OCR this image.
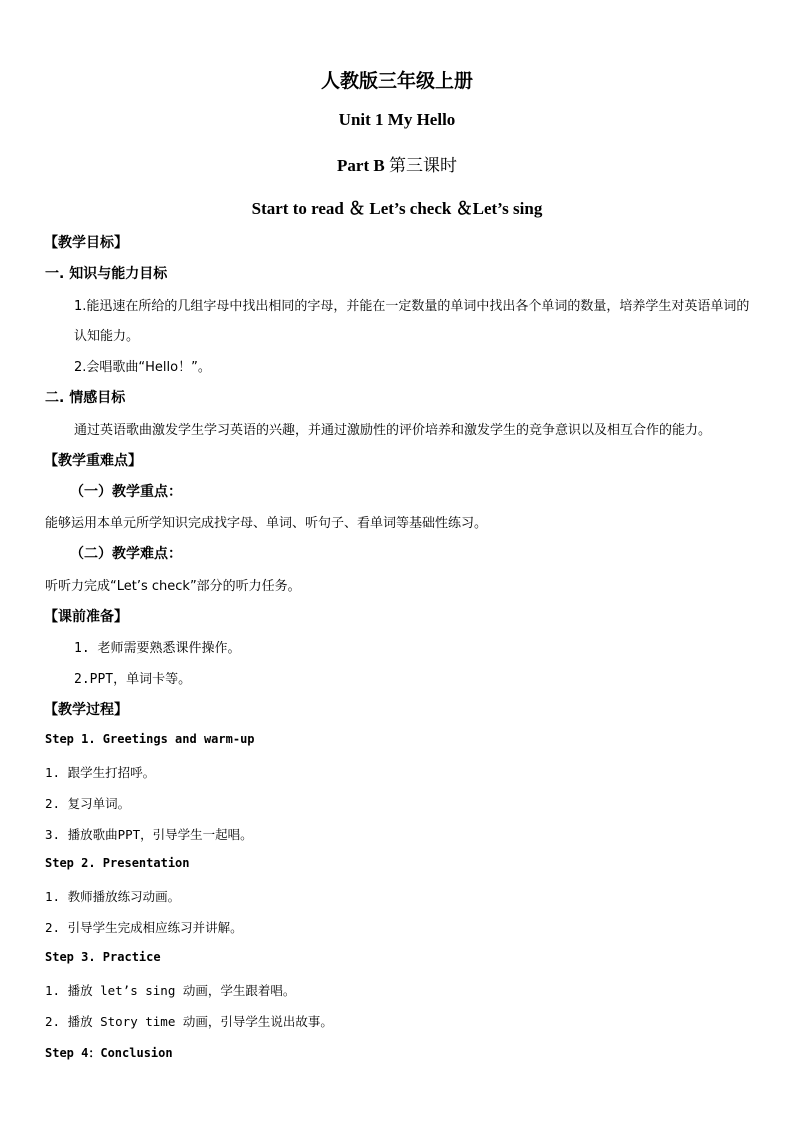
人教版三年级上册
Unit 1 My Hello
Part B 第三课时
Start to read ＆ Let’s check ＆Let’s sing
【教学目标】
一. 知识与能力目标
1.能迅速在所给的几组字母中找出相同的字母，并能在一定数量的单词中找出各个单词的数量，培养学生对英语单词的认知能力。
2.会唱歌曲“Hello！”。
二. 情感目标
通过英语歌曲激发学生学习英语的兴趣，并通过激励性的评价培养和激发学生的竞争意识以及相互合作的能力。
【教学重难点】
（一）教学重点：
能够运用本单元所学知识完成找字母、单词、听句子、看单词等基础性练习。
（二）教学难点：
听听力完成“Let’s check”部分的听力任务。
【课前准备】
1. 老师需要熟悉课件操作。
2.PPT，单词卡等。
【教学过程】
Step 1. Greetings and warm-up
1. 跟学生打招呼。
2. 复习单词。
3. 播放歌曲PPT，引导学生一起唱。
Step 2. Presentation
1. 教师播放练习动画。
2. 引导学生完成相应练习并讲解。
Step 3. Practice
1. 播放 let’s sing 动画，学生跟着唱。
2. 播放 Story time 动画，引导学生说出故事。
Step 4：Conclusion
